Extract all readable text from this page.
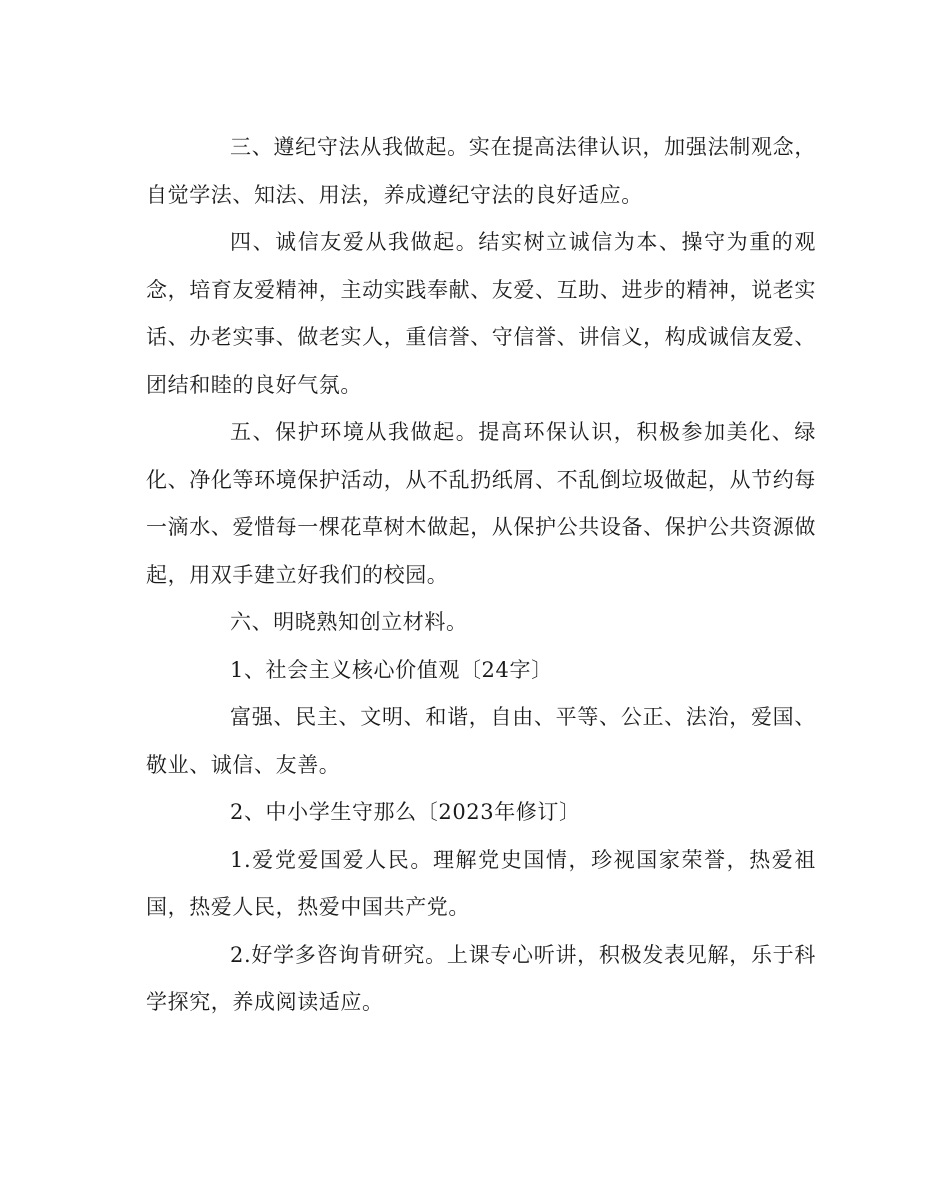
三、遵纪守法从我做起。实在提高法律认识，加强法制观念，自觉学法、知法、用法，养成遵纪守法的良好适应。

四、诚信友爱从我做起。结实树立诚信为本、操守为重的观念，培育友爱精神，主动实践奉献、友爱、互助、进步的精神，说老实话、办老实事、做老实人，重信誉、守信誉、讲信义，构成诚信友爱、团结和睦的良好气氛。

五、保护环境从我做起。提高环保认识，积极参加美化、绿化、净化等环境保护活动，从不乱扔纸屑、不乱倒垃圾做起，从节约每一滴水、爱惜每一棵花草树木做起，从保护公共设备、保护公共资源做起，用双手建立好我们的校园。

六、明晓熟知创立材料。

1、社会主义核心价值观〔24字〕

富强、民主、文明、和谐，自由、平等、公正、法治，爱国、敬业、诚信、友善。

2、中小学生守那么〔2023年修订〕

1.爱党爱国爱人民。理解党史国情，珍视国家荣誉，热爱祖国，热爱人民，热爱中国共产党。

2.好学多咨询肯研究。上课专心听讲，积极发表见解，乐于科学探究，养成阅读适应。
